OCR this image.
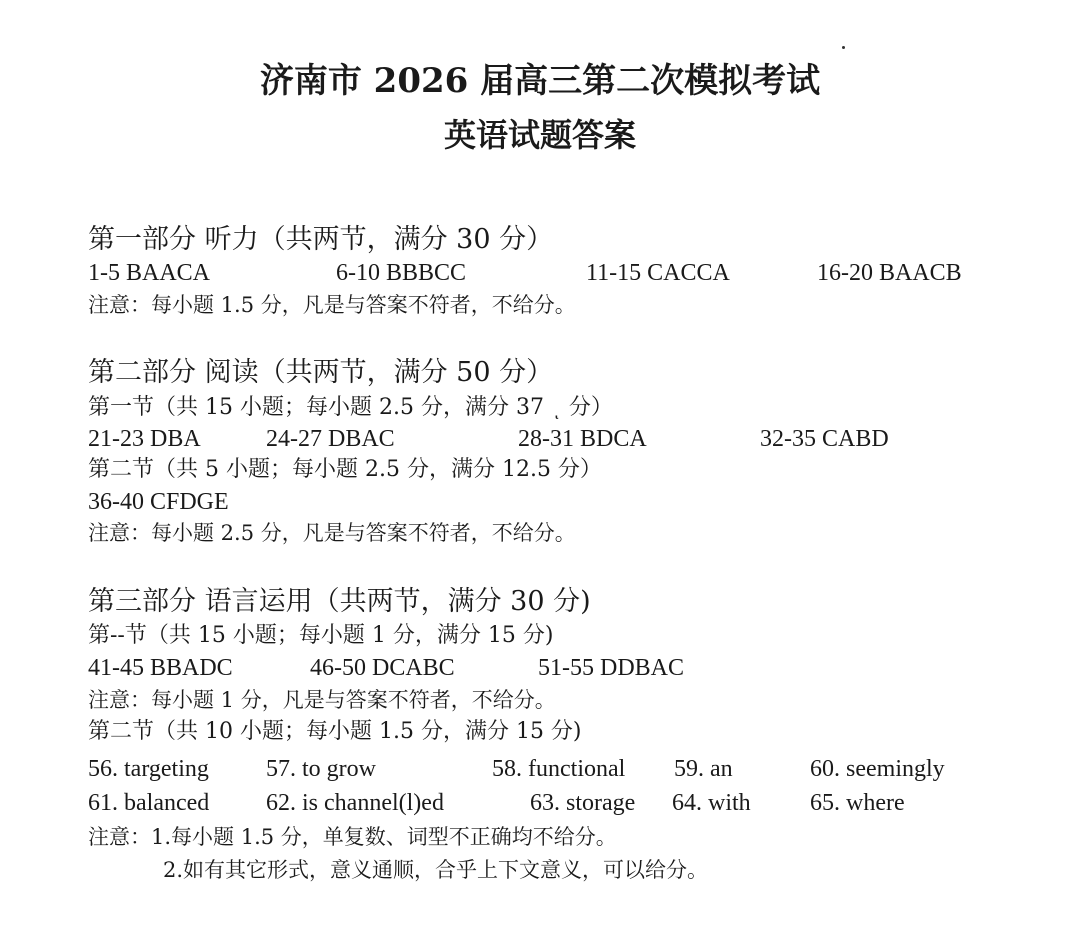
济南市 2026 届高三第二次模拟考试
英语试题答案
第一部分 听力（共两节，满分 30 分）
1-5 BAACA	6-10 BBBCC	11-15 CACCA	16-20 BAACB
注意：每小题 1.5 分，凡是与答案不符者，不给分。
第二部分 阅读（共两节，满分 50 分）
第一节（共 15 小题；每小题 2.5 分，满分 37 ͺ 分）
21-23 DBA	24-27 DBAC	28-31 BDCA	32-35 CABD
第二节（共 5 小题；每小题 2.5 分，满分 12.5 分）
36-40 CFDGE
注意：每小题 2.5 分，凡是与答案不符者，不给分。
第三部分 语言运用（共两节，满分 30 分)
第--节（共 15 小题；每小题 1 分，满分 15 分)
41-45 BBADC	46-50 DCABC	51-55 DDBAC
注意：每小题 1 分，凡是与答案不符者，不给分。
第二节（共 10 小题；每小题 1.5 分，满分 15 分)
56. targeting 57. to grow	58. functional 59. an	60. seemingly
61. balanced 62. is channel(l)ed	63. storage 64. with 65. where
注意：1.每小题 1.5 分，单复数、词型不正确均不给分。
2.如有其它形式，意义通顺，合乎上下文意义，可以给分。
